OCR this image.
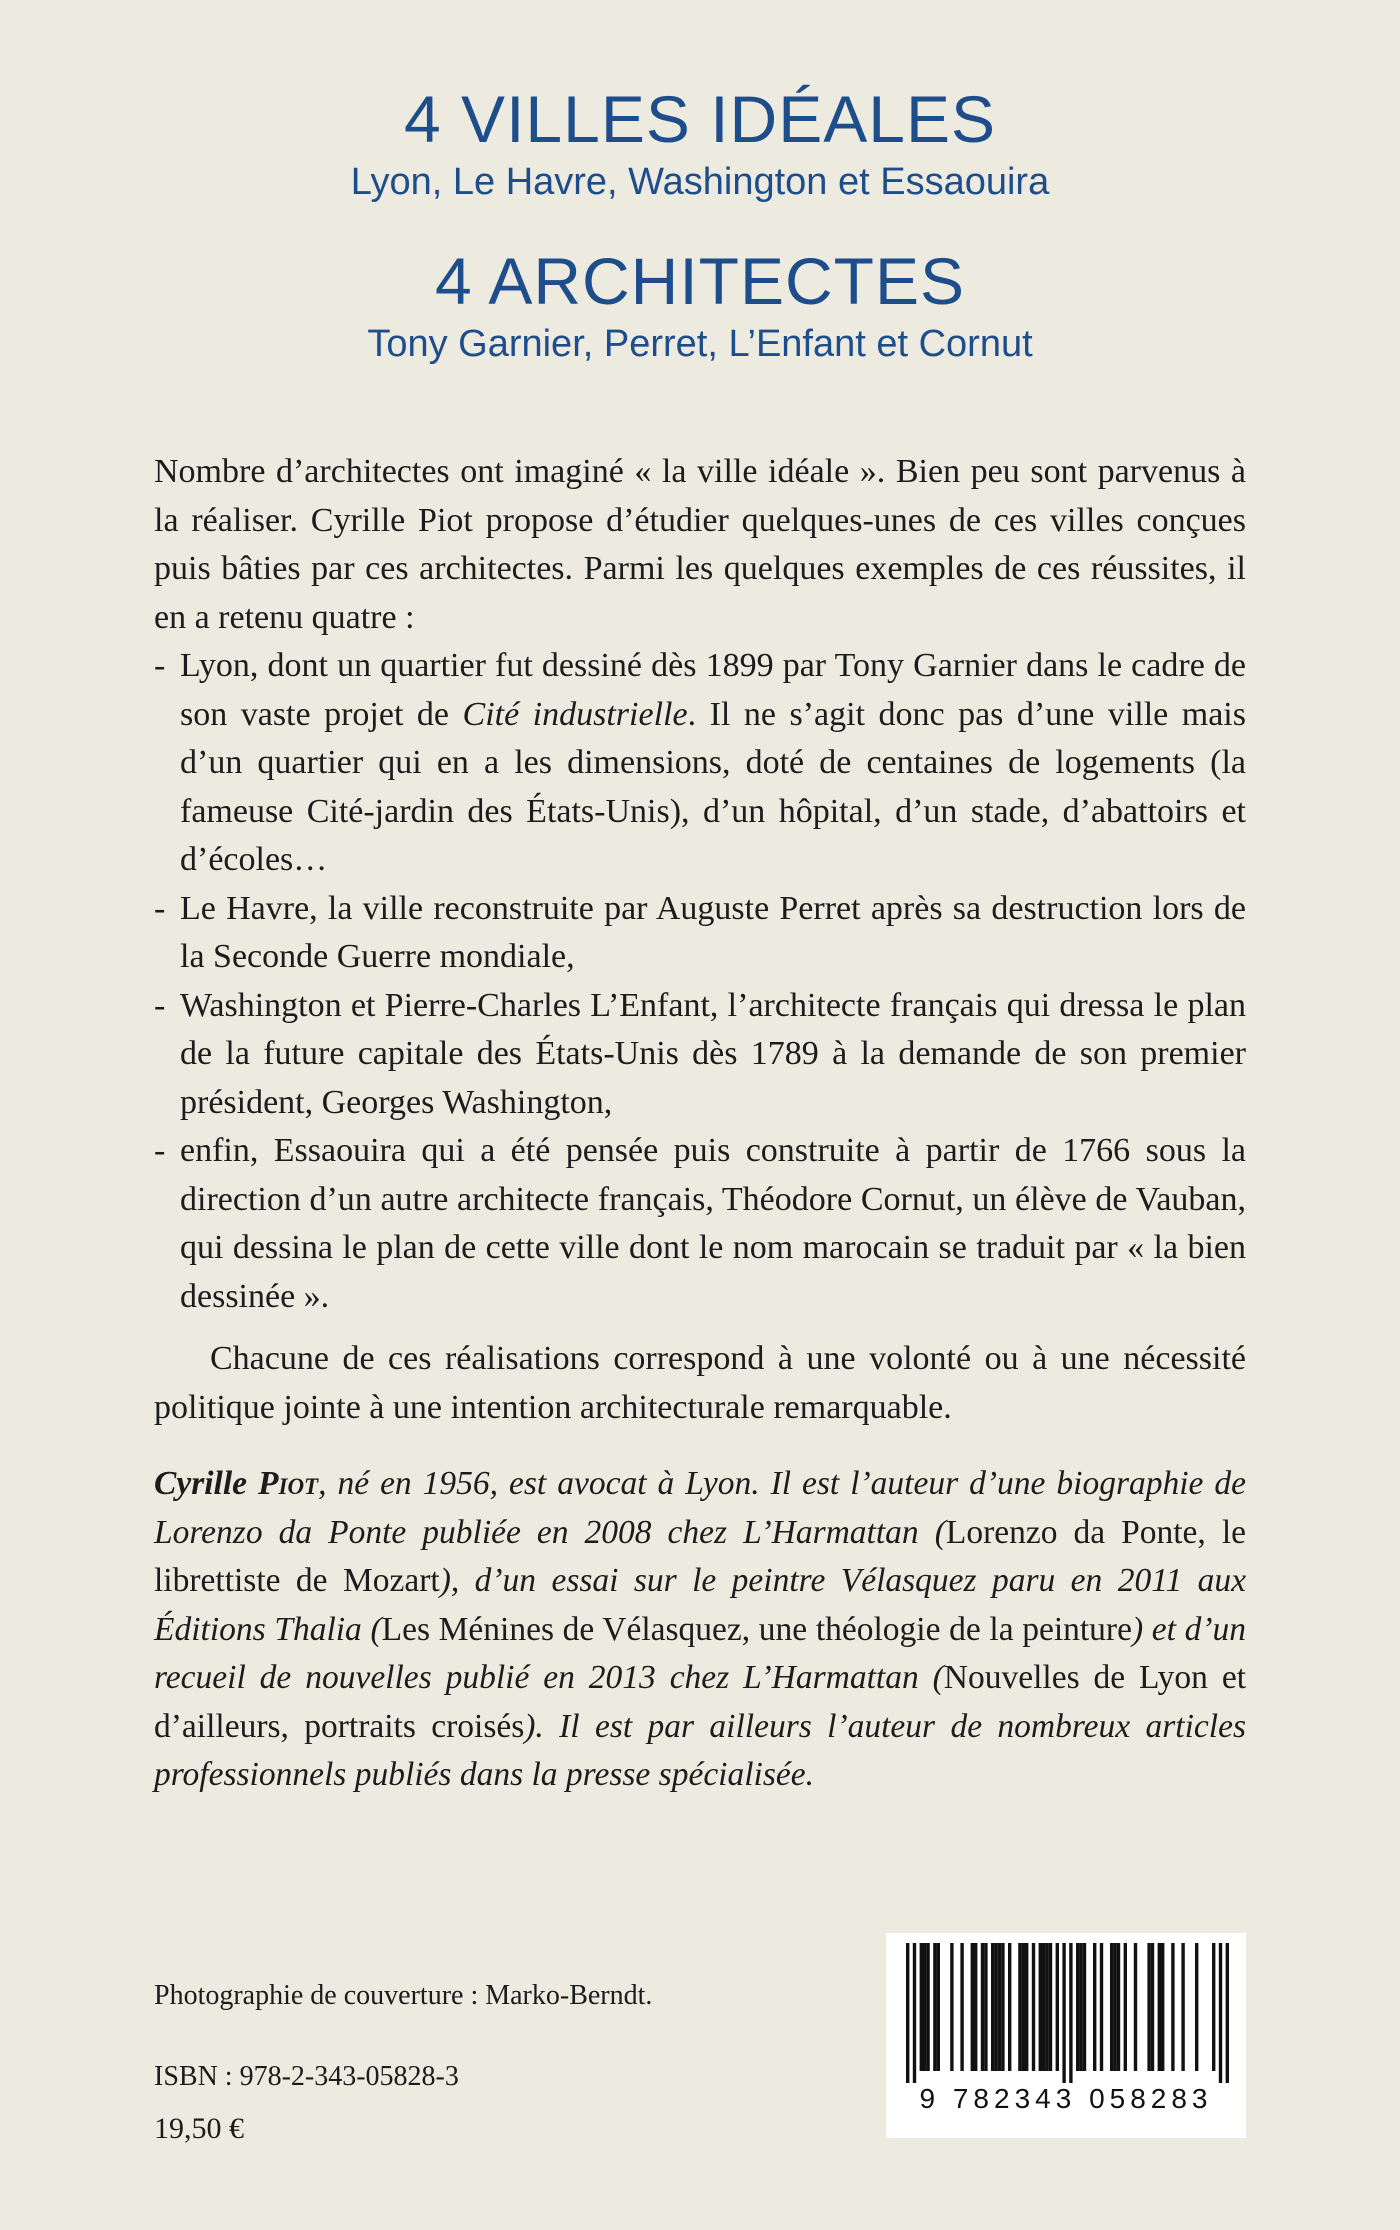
4 VILLES IDÉALES
Lyon, Le Havre, Washington et Essaouira
4 ARCHITECTES
Tony Garnier, Perret, L’Enfant et Cornut

Nombre d’architectes ont imaginé « la ville idéale ». Bien peu sont parvenus à la réaliser. Cyrille Piot propose d’étudier quelques-unes de ces villes conçues puis bâties par ces architectes. Parmi les quelques exemples de ces réussites, il en a retenu quatre :

- Lyon, dont un quartier fut dessiné dès 1899 par Tony Garnier dans le cadre de son vaste projet de Cité industrielle. Il ne s’agit donc pas d’une ville mais d’un quartier qui en a les dimensions, doté de centaines de logements (la fameuse Cité-jardin des États-Unis), d’un hôpital, d’un stade, d’abattoirs et d’écoles…
- Le Havre, la ville reconstruite par Auguste Perret après sa destruction lors de la Seconde Guerre mondiale,
- Washington et Pierre-Charles L’Enfant, l’architecte français qui dressa le plan de la future capitale des États-Unis dès 1789 à la demande de son premier président, Georges Washington,
- enfin, Essaouira qui a été pensée puis construite à partir de 1766 sous la direction d’un autre architecte français, Théodore Cornut, un élève de Vauban, qui dessina le plan de cette ville dont le nom marocain se traduit par « la bien dessinée ».

Chacune de ces réalisations correspond à une volonté ou à une nécessité politique jointe à une intention architecturale remarquable.

Cyrille Piot, né en 1956, est avocat à Lyon. Il est l’auteur d’une biographie de Lorenzo da Ponte publiée en 2008 chez L’Harmattan (Lorenzo da Ponte, le librettiste de Mozart), d’un essai sur le peintre Vélasquez paru en 2011 aux Éditions Thalia (Les Ménines de Vélasquez, une théologie de la peinture) et d’un recueil de nouvelles publié en 2013 chez L’Harmattan (Nouvelles de Lyon et d’ailleurs, portraits croisés). Il est par ailleurs l’auteur de nombreux articles professionnels publiés dans la presse spécialisée.
Photographie de couverture : Marko-Berndt.
ISBN : 978-2-343-05828-3
19,50 €
9 782343 058283
